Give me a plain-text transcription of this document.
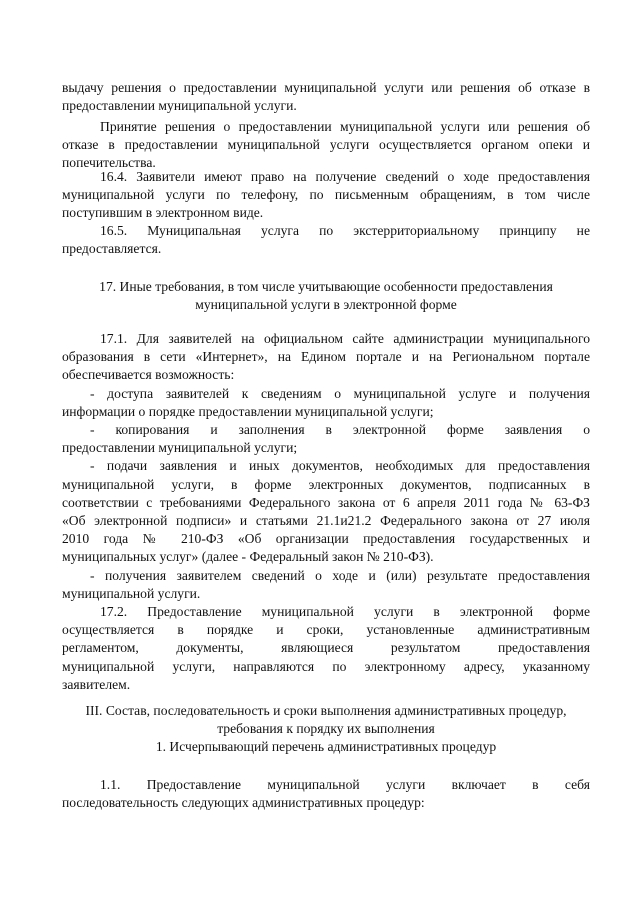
выдачу решения о предоставлении муниципальной услуги или решения об отказе в
предоставлении муниципальной услуги.
Принятие решения о предоставлении муниципальной услуги или решения об
отказе в предоставлении муниципальной услуги осуществляется органом опеки и
попечительства.
16.4. Заявители имеют право на получение сведений о ходе предоставления
муниципальной услуги по телефону, по письменным обращениям, в том числе
поступившим в электронном виде.
16.5. Муниципальная услуга по экстерриториальному принципу не
предоставляется.
17. Иные требования, в том числе учитывающие особенности предоставления
муниципальной услуги в электронной форме
17.1. Для заявителей на официальном сайте администрации муниципального
образования в сети «Интернет», на Едином портале и на Региональном портале
обеспечивается возможность:
- доступа заявителей к сведениям о муниципальной услуге и получения
информации о порядке предоставлении муниципальной услуги;
- копирования и заполнения в электронной форме заявления о
предоставлении муниципальной услуги;
- подачи заявления и иных документов, необходимых для предоставления
муниципальной услуги, в форме электронных документов, подписанных в
соответствии с требованиями Федерального закона от 6 апреля 2011 года № 63-ФЗ
«Об электронной подписи» и статьями 21.1и21.2 Федерального закона от 27 июля
2010 года № 210-ФЗ «Об организации предоставления государственных и
муниципальных услуг» (далее - Федеральный закон № 210-ФЗ).
- получения заявителем сведений о ходе и (или) результате предоставления
муниципальной услуги.
17.2. Предоставление муниципальной услуги в электронной форме
осуществляется в порядке и сроки, установленные административным
регламентом, документы, являющиеся результатом предоставления
муниципальной услуги, направляются по электронному адресу, указанному
заявителем.
III. Состав, последовательность и сроки выполнения административных процедур,
требования к порядку их выполнения
1. Исчерпывающий перечень административных процедур
1.1. Предоставление муниципальной услуги включает в себя
последовательность следующих административных процедур:
